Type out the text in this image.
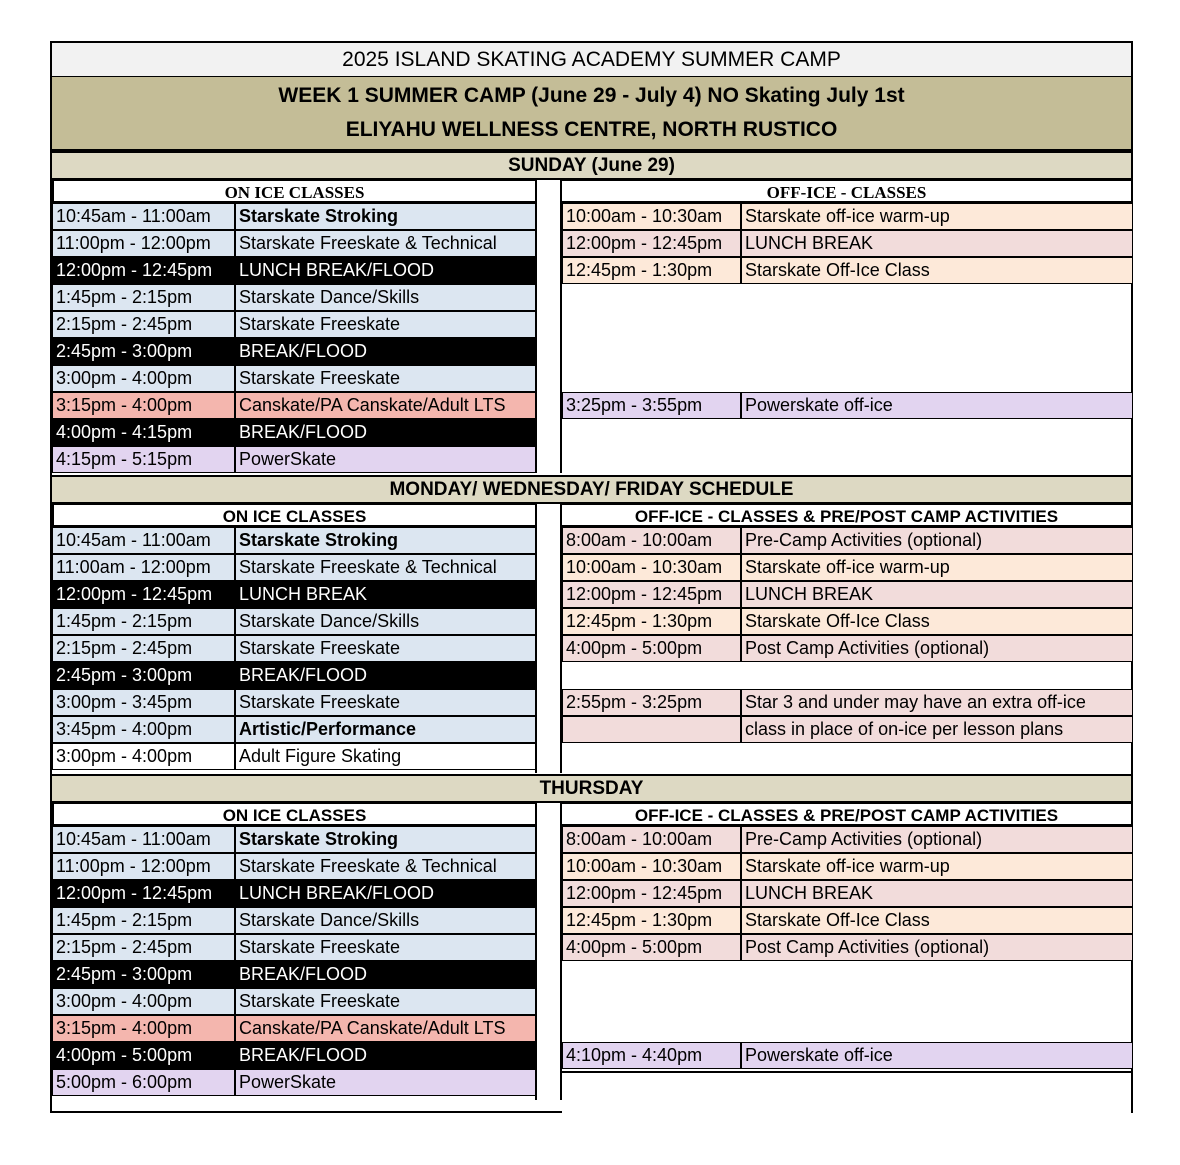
2025 ISLAND SKATING ACADEMY SUMMER CAMP
WEEK 1 SUMMER CAMP (June 29 - July 4) NO Skating July 1st
ELIYAHU WELLNESS CENTRE, NORTH RUSTICO
SUNDAY (June 29)
ON ICE CLASSES	OFF-ICE - CLASSES
10:45am - 11:00am	Starskate Stroking
11:00pm - 12:00pm	Starskate Freeskate & Technical
12:00pm - 12:45pm	LUNCH BREAK/FLOOD
1:45pm - 2:15pm	Starskate Dance/Skills
2:15pm - 2:45pm	Starskate Freeskate
2:45pm - 3:00pm	BREAK/FLOOD
3:00pm - 4:00pm	Starskate Freeskate
3:15pm - 4:00pm	Canskate/PA Canskate/Adult LTS
4:00pm - 4:15pm	BREAK/FLOOD
4:15pm - 5:15pm	PowerSkate
10:00am - 10:30am	Starskate off-ice warm-up
12:00pm - 12:45pm	LUNCH BREAK
12:45pm - 1:30pm	Starskate Off-Ice Class
3:25pm - 3:55pm	Powerskate off-ice
MONDAY/ WEDNESDAY/ FRIDAY SCHEDULE
ON ICE CLASSES	OFF-ICE - CLASSES & PRE/POST CAMP ACTIVITIES
10:45am - 11:00am	Starskate Stroking
11:00am - 12:00pm	Starskate Freeskate & Technical
12:00pm - 12:45pm	LUNCH BREAK
1:45pm - 2:15pm	Starskate Dance/Skills
2:15pm - 2:45pm	Starskate Freeskate
2:45pm - 3:00pm	BREAK/FLOOD
3:00pm - 3:45pm	Starskate Freeskate
3:45pm - 4:00pm	Artistic/Performance
3:00pm - 4:00pm	Adult Figure Skating
8:00am - 10:00am	Pre-Camp Activities (optional)
10:00am - 10:30am	Starskate off-ice warm-up
12:00pm - 12:45pm	LUNCH BREAK
12:45pm - 1:30pm	Starskate Off-Ice Class
4:00pm - 5:00pm	Post Camp Activities (optional)
2:55pm - 3:25pm	Star 3 and under may have an extra off-ice
class in place of on-ice per lesson plans
THURSDAY
ON ICE CLASSES	OFF-ICE - CLASSES & PRE/POST CAMP ACTIVITIES
10:45am - 11:00am	Starskate Stroking
11:00pm - 12:00pm	Starskate Freeskate & Technical
12:00pm - 12:45pm	LUNCH BREAK/FLOOD
1:45pm - 2:15pm	Starskate Dance/Skills
2:15pm - 2:45pm	Starskate Freeskate
2:45pm - 3:00pm	BREAK/FLOOD
3:00pm - 4:00pm	Starskate Freeskate
3:15pm - 4:00pm	Canskate/PA Canskate/Adult LTS
4:00pm - 5:00pm	BREAK/FLOOD
5:00pm - 6:00pm	PowerSkate
8:00am - 10:00am	Pre-Camp Activities (optional)
10:00am - 10:30am	Starskate off-ice warm-up
12:00pm - 12:45pm	LUNCH BREAK
12:45pm - 1:30pm	Starskate Off-Ice Class
4:00pm - 5:00pm	Post Camp Activities (optional)
4:10pm - 4:40pm	Powerskate off-ice
